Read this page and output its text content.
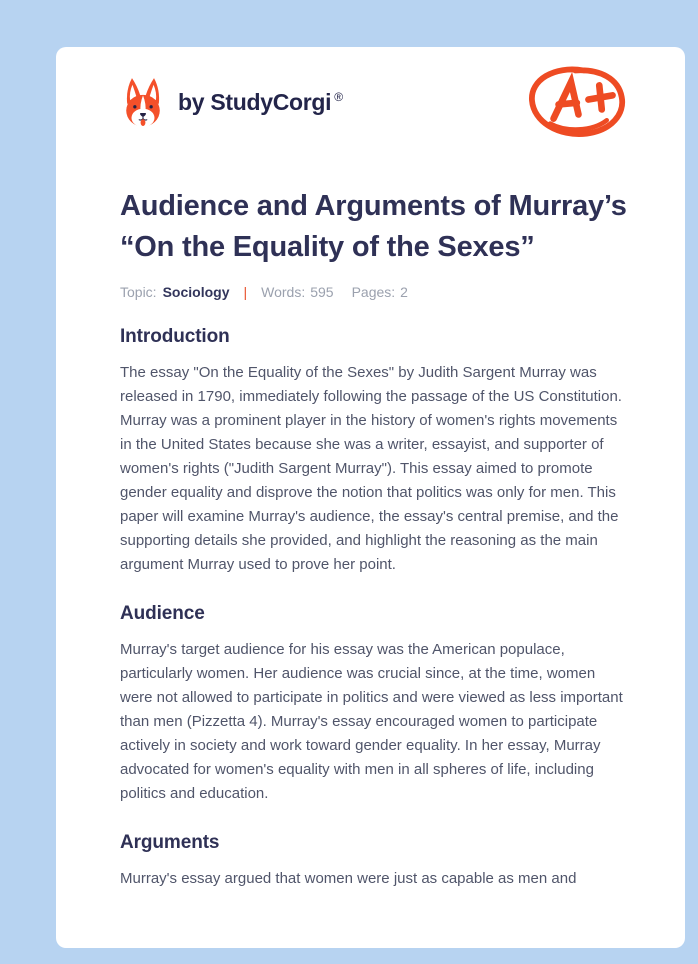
by StudyCorgi ®
Audience and Arguments of Murray’s “On the Equality of the Sexes”
Topic: Sociology | Words: 595 Pages: 2
Introduction

The essay "On the Equality of the Sexes" by Judith Sargent Murray was released in 1790, immediately following the passage of the US Constitution. Murray was a prominent player in the history of women's rights movements in the United States because she was a writer, essayist, and supporter of women's rights ("Judith Sargent Murray"). This essay aimed to promote gender equality and disprove the notion that politics was only for men. This paper will examine Murray's audience, the essay's central premise, and the supporting details she provided, and highlight the reasoning as the main argument Murray used to prove her point.

Audience

Murray's target audience for his essay was the American populace, particularly women. Her audience was crucial since, at the time, women were not allowed to participate in politics and were viewed as less important than men (Pizzetta 4). Murray's essay encouraged women to participate actively in society and work toward gender equality. In her essay, Murray advocated for women's equality with men in all spheres of life, including politics and education.

Arguments

Murray's essay argued that women were just as capable as men and
